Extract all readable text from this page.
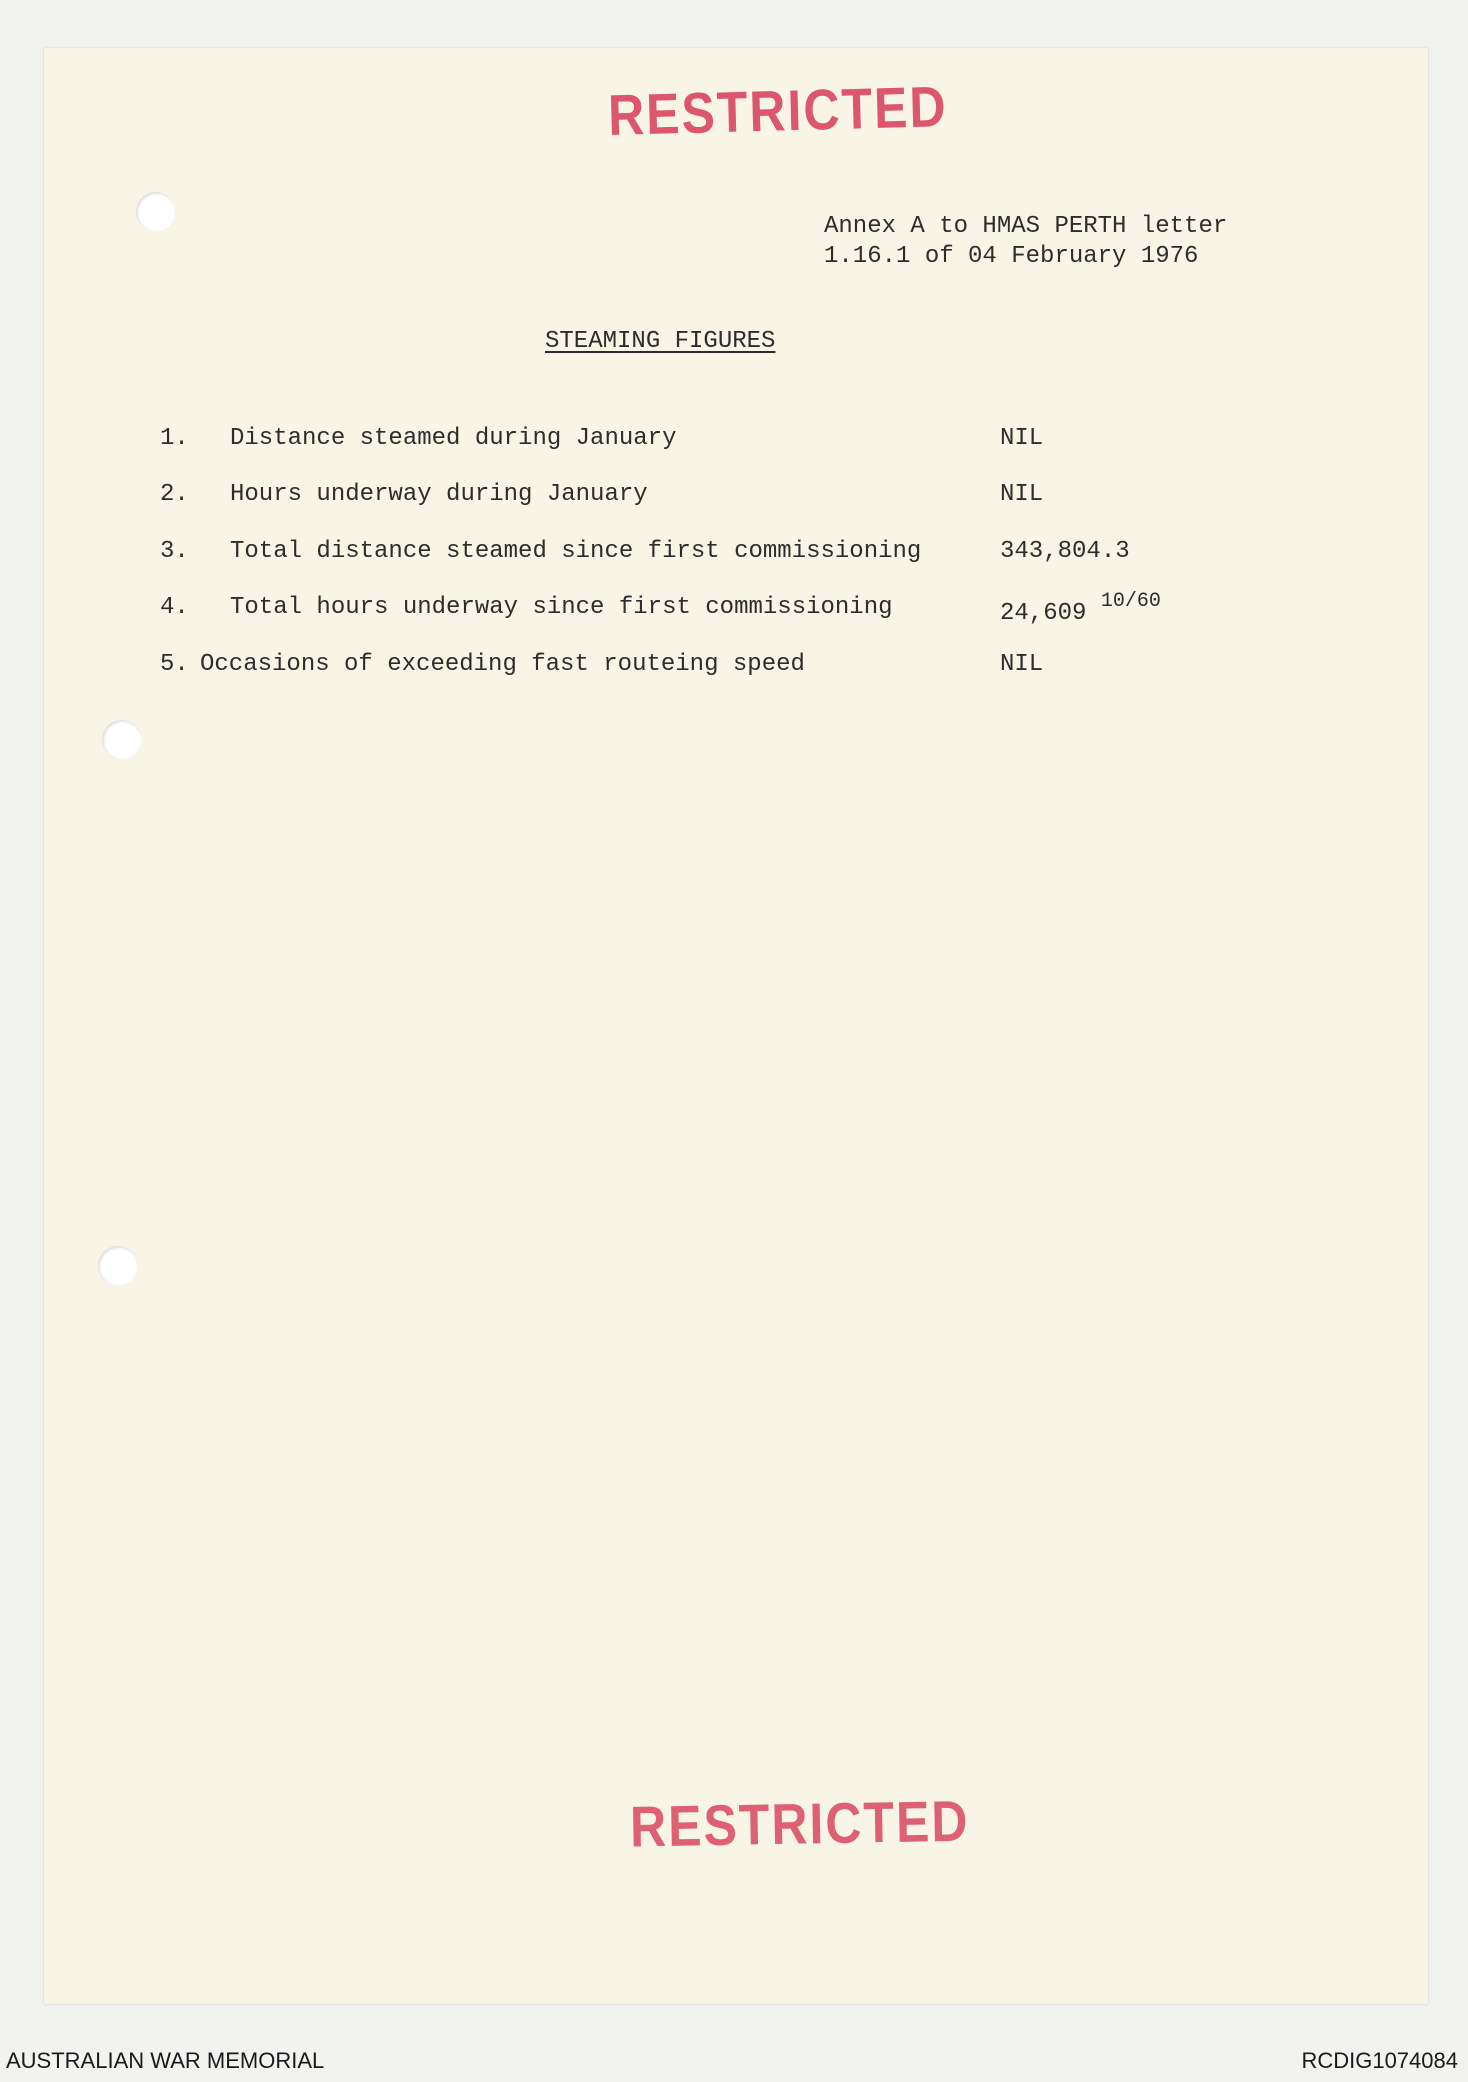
RESTRICTED
Annex A to HMAS PERTH letter
1.16.1 of 04 February 1976
STEAMING FIGURES
1. Distance steamed during January	NIL
2. Hours underway during January	NIL
3. Total distance steamed since first commissioning	343,804.3
4. Total hours underway since first commissioning	24,609 $^{10/60}$
5. Occasions of exceeding fast routeing speed	NIL
RESTRICTED
AUSTRALIAN WAR MEMORIAL	RCDIG1074084
